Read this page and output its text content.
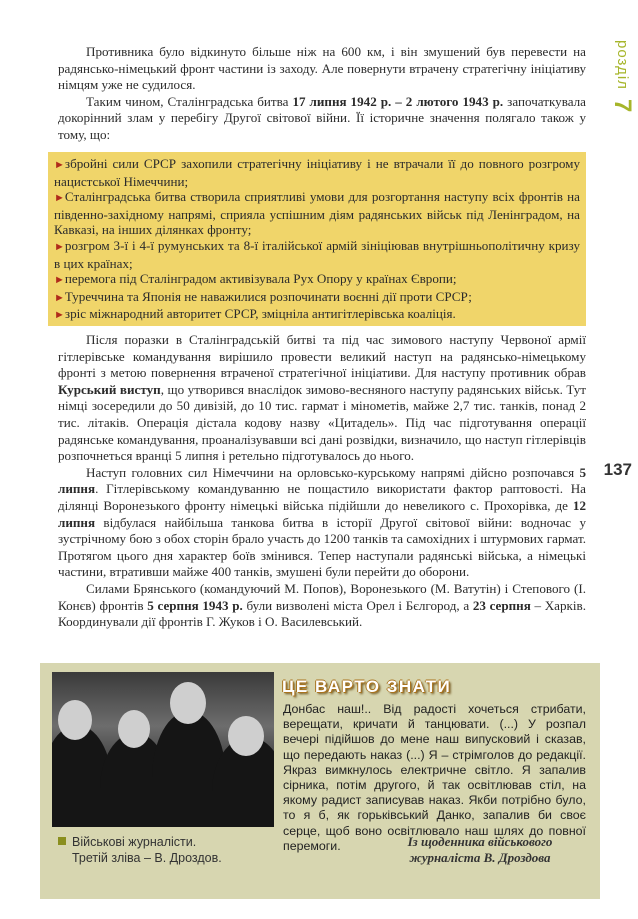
розділ 7
137

Противника було відкинуто більше ніж на 600 км, і він змушений був перевести на радянсько-німецький фронт частини із заходу. Але повернути втрачену стратегічну ініціативу німцям уже не судилося.

Таким чином, Сталінградська битва 17 липня 1942 р. – 2 лютого 1943 р. започаткувала докорінний злам у перебігу Другої світової війни. Її історичне значення полягало також у тому, що:

►збройні сили СРСР захопили стратегічну ініціативу і не втрачали її до повного розгрому нацистської Німеччини;
►Сталінградська битва створила сприятливі умови для розгортання наступу всіх фронтів на південно-західному напрямі, сприяла успішним діям радянських військ під Ленінградом, на Кавказі, на інших ділянках фронту;
►розгром 3-ї і 4-ї румунських та 8-ї італійської армій зініціював внутрішньополітичну кризу в цих країнах;
►перемога під Сталінградом активізувала Рух Опору у країнах Європи;
►Туреччина та Японія не наважилися розпочинати воєнні дії проти СРСР;
►зріс міжнародний авторитет СРСР, зміцніла антигітлерівська коаліція.

Після поразки в Сталінградській битві та під час зимового наступу Червоної армії гітлерівське командування вирішило провести великий наступ на радянсько-німецькому фронті з метою повернення втраченої стратегічної ініціативи. Для наступу противник обрав Курський виступ, що утворився внаслідок зимово-весняного наступу радянських військ. Тут німці зосередили до 50 дивізій, до 10 тис. гармат і мінометів, майже 2,7 тис. танків, понад 2 тис. літаків. Операція дістала кодову назву «Цитадель». Під час підготування операції радянське командування, проаналізувавши всі дані розвідки, визначило, що наступ гітлерівців розпочнеться вранці 5 липня і ретельно підготувалось до нього.

Наступ головних сил Німеччини на орловсько-курському напрямі дійсно розпочався 5 липня. Гітлерівському командуванню не пощастило використати фактор раптовості. На ділянці Воронезького фронту німецькі війська підійшли до невеликого с. Прохорівка, де 12 липня відбулася найбільша танкова битва в історії Другої світової війни: водночас у зустрічному бою з обох сторін брало участь до 1200 танків та самохідних і штурмових гармат. Протягом цього дня характер боїв змінився. Тепер наступали радянські війська, а німецькі частини, втративши майже 400 танків, змушені були перейти до оборони.

Силами Брянського (командуючий М. Попов), Воронезького (М. Ватутін) і Степового (І. Конєв) фронтів 5 серпня 1943 р. були визволені міста Орел і Бєлгород, а 23 серпня – Харків. Координували дії фронтів Г. Жуков і О. Василевський.

Військові журналісти.
Третій зліва – В. Дроздов.
ЦЕ ВАРТО ЗНАТИ
Донбас наш!.. Від радості хочеться стрибати, верещати, кричати й танцювати. (...) У розпал вечері підійшов до мене наш випусковий і сказав, що передають наказ (...) Я – стрімголов до редакції. Якраз вимкнулось електричне світло. Я запалив сірника, потім другого, й так освітлював стіл, на якому радист записував наказ. Якби потрібно було, то я б, як горьківський Данко, запалив би своє серце, щоб воно освітлювало наш шлях до повної перемоги.	Із щоденника військового
журналіста В. Дроздова
